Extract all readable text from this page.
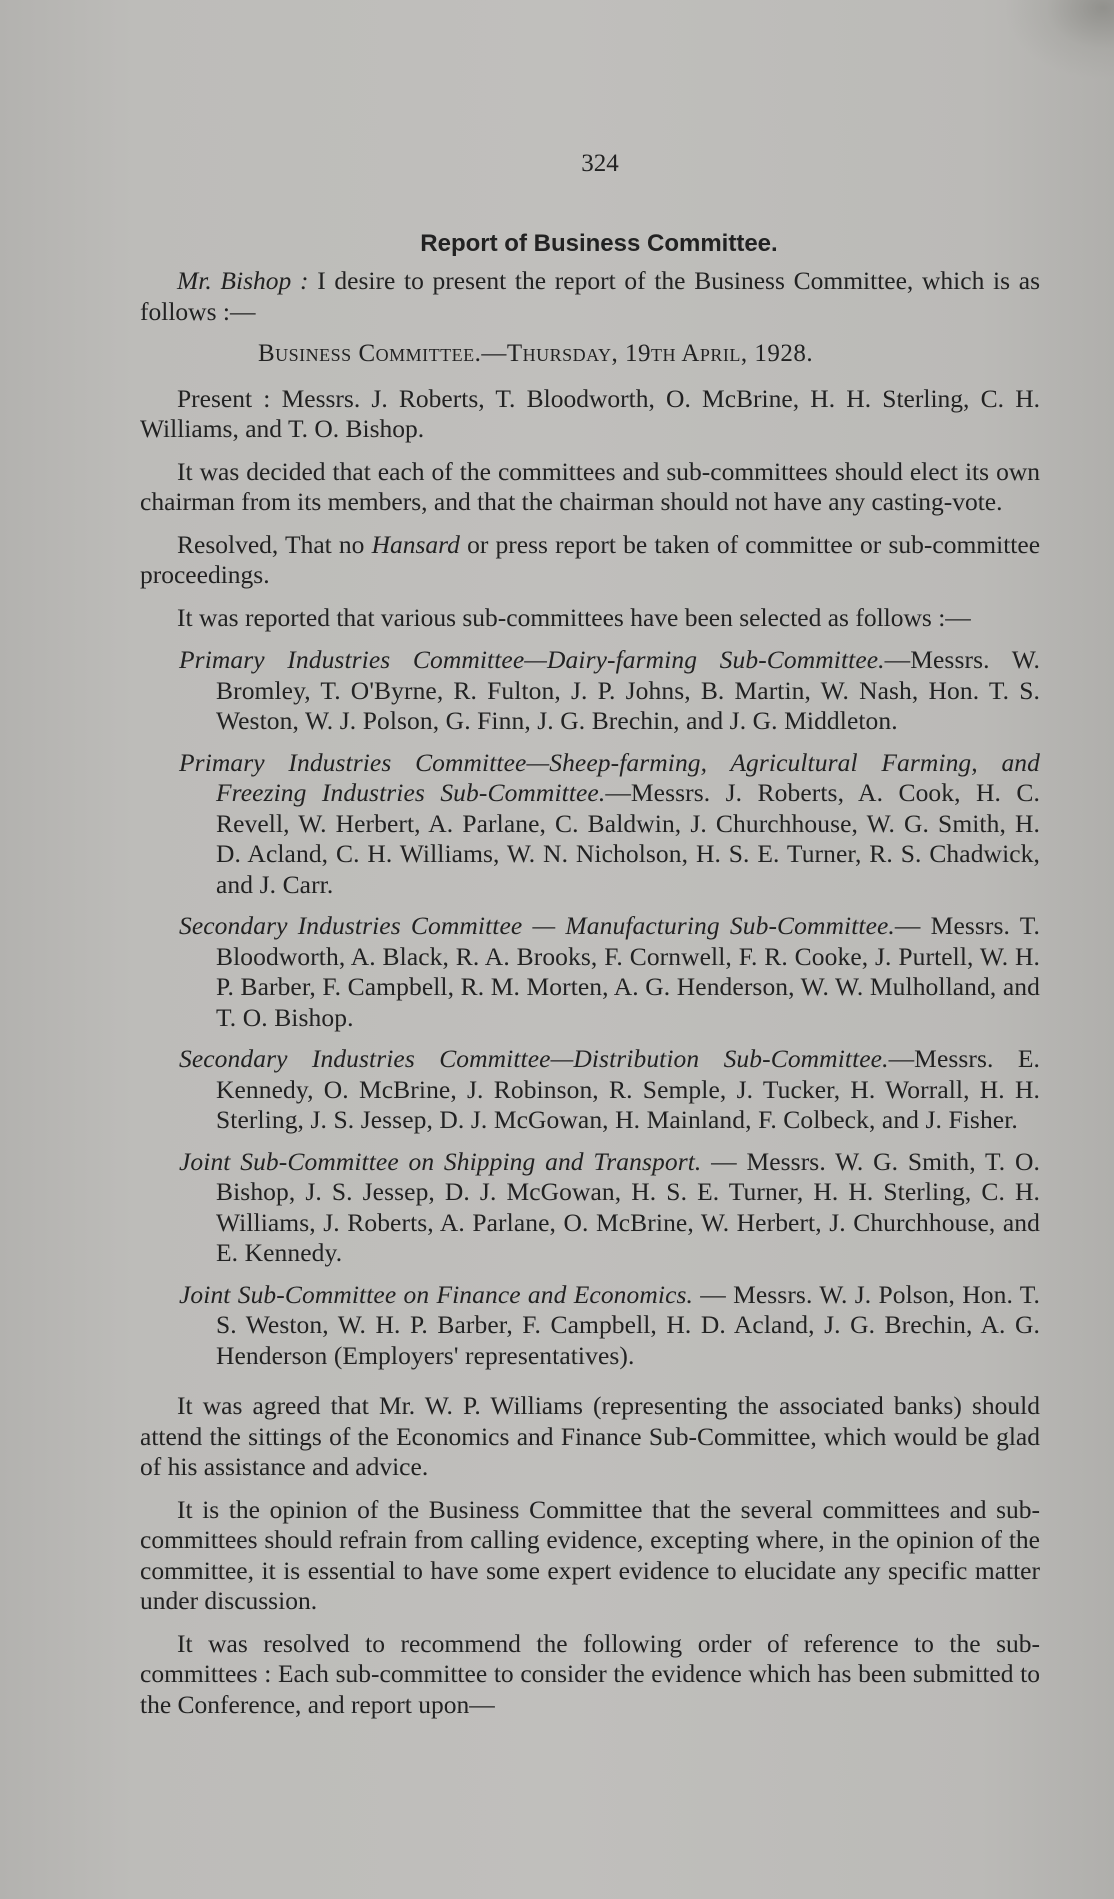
324
Report of Business Committee.

Mr. Bishop : I desire to present the report of the Business Committee, which is as follows :—

Business Committee.—Thursday, 19th April, 1928.

Present : Messrs. J. Roberts, T. Bloodworth, O. McBrine, H. H. Sterling, C. H. Williams, and T. O. Bishop.

It was decided that each of the committees and sub-committees should elect its own chairman from its members, and that the chairman should not have any casting-vote.

Resolved, That no Hansard or press report be taken of committee or sub-committee proceedings.

It was reported that various sub-committees have been selected as follows :—

Primary Industries Committee—Dairy-farming Sub-Committee.—Messrs. W. Bromley, T. O'Byrne, R. Fulton, J. P. Johns, B. Martin, W. Nash, Hon. T. S. Weston, W. J. Polson, G. Finn, J. G. Brechin, and J. G. Middleton.

Primary Industries Committee—Sheep-farming, Agricultural Farming, and Freezing Industries Sub-Committee.—Messrs. J. Roberts, A. Cook, H. C. Revell, W. Herbert, A. Parlane, C. Baldwin, J. Churchhouse, W. G. Smith, H. D. Acland, C. H. Williams, W. N. Nicholson, H. S. E. Turner, R. S. Chadwick, and J. Carr.

Secondary Industries Committee — Manufacturing Sub-Committee.— Messrs. T. Bloodworth, A. Black, R. A. Brooks, F. Cornwell, F. R. Cooke, J. Purtell, W. H. P. Barber, F. Campbell, R. M. Morten, A. G. Henderson, W. W. Mulholland, and T. O. Bishop.

Secondary Industries Committee—Distribution Sub-Committee.—Messrs. E. Kennedy, O. McBrine, J. Robinson, R. Semple, J. Tucker, H. Worrall, H. H. Sterling, J. S. Jessep, D. J. McGowan, H. Mainland, F. Colbeck, and J. Fisher.

Joint Sub-Committee on Shipping and Transport. — Messrs. W. G. Smith, T. O. Bishop, J. S. Jessep, D. J. McGowan, H. S. E. Turner, H. H. Sterling, C. H. Williams, J. Roberts, A. Parlane, O. McBrine, W. Herbert, J. Churchhouse, and E. Kennedy.

Joint Sub-Committee on Finance and Economics. — Messrs. W. J. Polson, Hon. T. S. Weston, W. H. P. Barber, F. Campbell, H. D. Acland, J. G. Brechin, A. G. Henderson (Employers' representatives).

It was agreed that Mr. W. P. Williams (representing the associated banks) should attend the sittings of the Economics and Finance Sub-Committee, which would be glad of his assistance and advice.

It is the opinion of the Business Committee that the several committees and sub-committees should refrain from calling evidence, excepting where, in the opinion of the committee, it is essential to have some expert evidence to elucidate any specific matter under discussion.

It was resolved to recommend the following order of reference to the sub-committees : Each sub-committee to consider the evidence which has been submitted to the Conference, and report upon—
